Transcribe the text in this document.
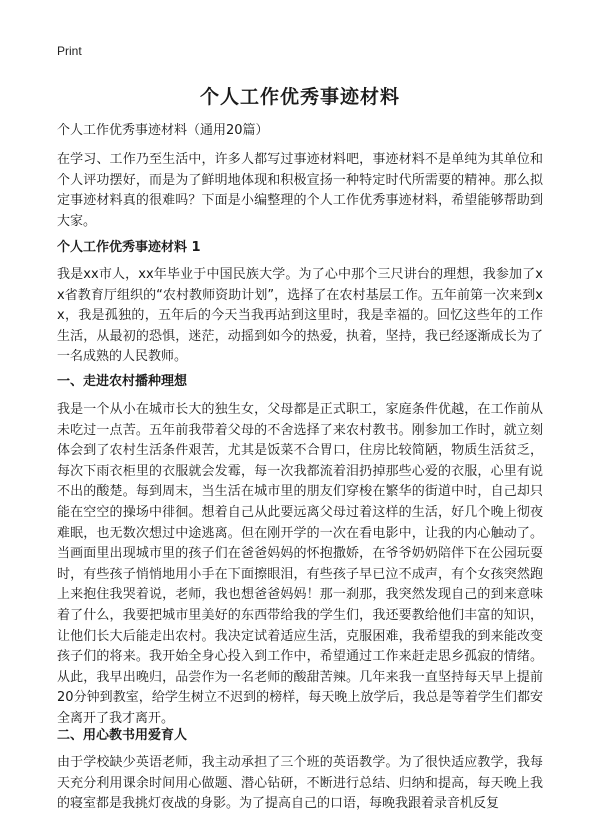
Print
个人工作优秀事迹材料
个人工作优秀事迹材料（通用20篇）
在学习、工作乃至生活中，许多人都写过事迹材料吧，事迹材料不是单纯为其单位和个人评功摆好，而是为了鲜明地体现和积极宣扬一种特定时代所需要的精神。那么拟定事迹材料真的很难吗？下面是小编整理的个人工作优秀事迹材料，希望能够帮助到大家。
个人工作优秀事迹材料 1
我是xx市人，xx年毕业于中国民族大学。为了心中那个三尺讲台的理想，我参加了xx省教育厅组织的“农村教师资助计划”，选择了在农村基层工作。五年前第一次来到xx，我是孤独的，五年后的今天当我再站到这里时，我是幸福的。回忆这些年的工作生活，从最初的恐惧，迷茫，动摇到如今的热爱，执着，坚持，我已经逐渐成长为了一名成熟的人民教师。
一、走进农村播种理想
我是一个从小在城市长大的独生女，父母都是正式职工，家庭条件优越，在工作前从未吃过一点苦。五年前我带着父母的不舍选择了来农村教书。刚参加工作时，就立刻体会到了农村生活条件艰苦，尤其是饭菜不合胃口，住房比较简陋，物质生活贫乏，每次下雨衣柜里的衣服就会发霉，每一次我都流着泪扔掉那些心爱的衣服，心里有说不出的酸楚。每到周末，当生活在城市里的朋友们穿梭在繁华的街道中时，自己却只能在空空的操场中徘徊。想着自己从此要远离父母过着这样的生活，好几个晚上彻夜难眠，也无数次想过中途逃离。但在刚开学的一次在看电影中，让我的内心触动了。当画面里出现城市里的孩子们在爸爸妈妈的怀抱撒娇，在爷爷奶奶陪伴下在公园玩耍时，有些孩子悄悄地用小手在下面擦眼泪，有些孩子早已泣不成声，有个女孩突然跑上来抱住我哭着说，老师，我也想爸爸妈妈！那一刹那，我突然发现自己的到来意味着了什么，我要把城市里美好的东西带给我的学生们，我还要教给他们丰富的知识，让他们长大后能走出农村。我决定试着适应生活，克服困难，我希望我的到来能改变孩子们的将来。我开始全身心投入到工作中，希望通过工作来赶走思乡孤寂的情绪。从此，我早出晚归，品尝作为一名老师的酸甜苦辣。几年来我一直坚持每天早上提前20分钟到教室，给学生树立不迟到的榜样，每天晚上放学后，我总是等着学生们都安全离开了我才离开。
二、用心教书用爱育人
由于学校缺少英语老师，我主动承担了三个班的英语教学。为了很快适应教学，我每天充分利用课余时间用心做题、潜心钻研，不断进行总结、归纳和提高，每天晚上我的寝室都是我挑灯夜战的身影。为了提高自己的口语，每晚我跟着录音机反复
